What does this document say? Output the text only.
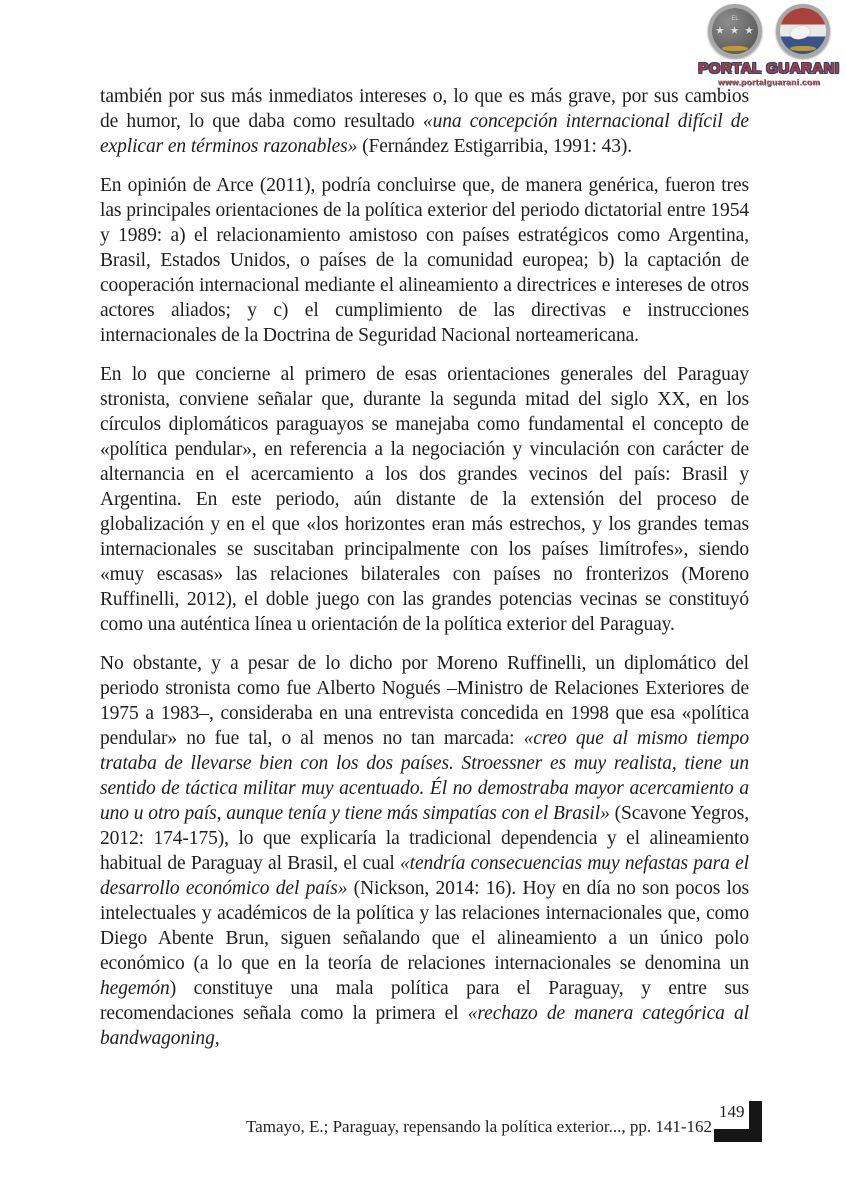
EL
★ ★ ★
PORTAL GUARANI
www.portalguarani.com

también por sus más inmediatos intereses o, lo que es más grave, por sus cambios de humor, lo que daba como resultado «una concepción internacional difícil de explicar en términos razonables» (Fernández Estigarribia, 1991: 43).

En opinión de Arce (2011), podría concluirse que, de manera genérica, fueron tres las principales orientaciones de la política exterior del periodo dictatorial entre 1954 y 1989: a) el relacionamiento amistoso con países estratégicos como Argentina, Brasil, Estados Unidos, o países de la comunidad europea; b) la captación de cooperación internacional mediante el alineamiento a directrices e intereses de otros actores aliados; y c) el cumplimiento de las directivas e instrucciones internacionales de la Doctrina de Seguridad Nacional norteamericana.

En lo que concierne al primero de esas orientaciones generales del Paraguay stronista, conviene señalar que, durante la segunda mitad del siglo XX, en los círculos diplomáticos paraguayos se manejaba como fundamental el concepto de «política pendular», en referencia a la negociación y vinculación con carácter de alternancia en el acercamiento a los dos grandes vecinos del país: Brasil y Argentina. En este periodo, aún distante de la extensión del proceso de globalización y en el que «los horizontes eran más estrechos, y los grandes temas internacionales se suscitaban principalmente con los países limítrofes», siendo «muy escasas» las relaciones bilaterales con países no fronterizos (Moreno Ruffinelli, 2012), el doble juego con las grandes potencias vecinas se constituyó como una auténtica línea u orientación de la política exterior del Paraguay.

No obstante, y a pesar de lo dicho por Moreno Ruffinelli, un diplomático del periodo stronista como fue Alberto Nogués –Ministro de Relaciones Exteriores de 1975 a 1983–, consideraba en una entrevista concedida en 1998 que esa «política pendular» no fue tal, o al menos no tan marcada: «creo que al mismo tiempo trataba de llevarse bien con los dos países. Stroessner es muy realista, tiene un sentido de táctica militar muy acentuado. Él no demostraba mayor acercamiento a uno u otro país, aunque tenía y tiene más simpatías con el Brasil» (Scavone Yegros, 2012: 174-175), lo que explicaría la tradicional dependencia y el alineamiento habitual de Paraguay al Brasil, el cual «tendría consecuencias muy nefastas para el desarrollo económico del país» (Nickson, 2014: 16). Hoy en día no son pocos los intelectuales y académicos de la política y las relaciones internacionales que, como Diego Abente Brun, siguen señalando que el alineamiento a un único polo económico (a lo que en la teoría de relaciones internacionales se denomina un hegemón) constituye una mala política para el Paraguay, y entre sus recomendaciones señala como la primera el «rechazo de manera categórica al bandwagoning,

Tamayo, E.; Paraguay, repensando la política exterior..., pp. 141-162
149
